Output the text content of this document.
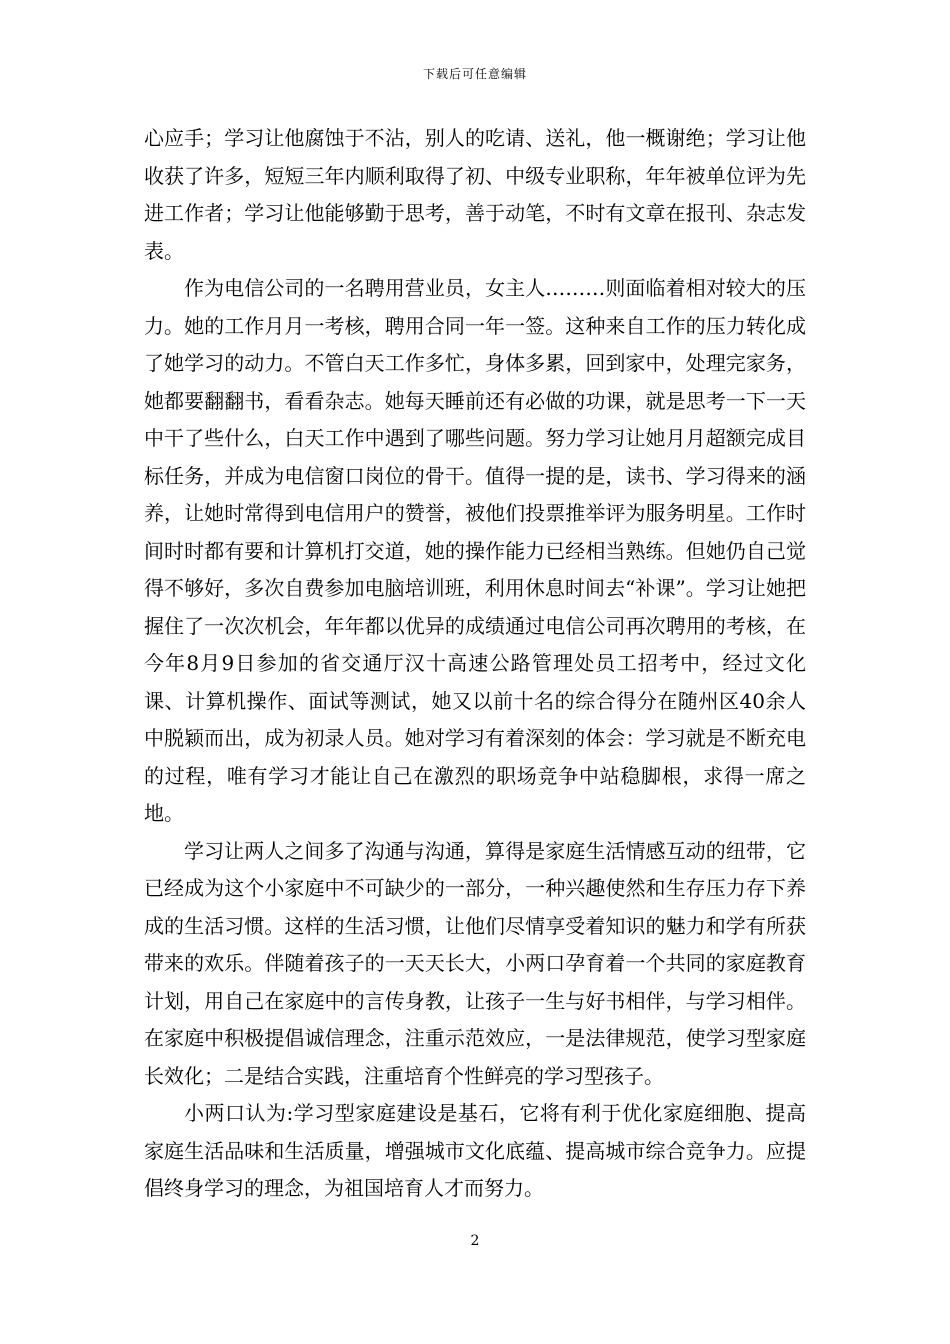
下载后可任意编辑

心应手；学习让他腐蚀于不沾，别人的吃请、送礼，他一概谢绝；学习让他收获了许多，短短三年内顺利取得了初、中级专业职称，年年被单位评为先进工作者；学习让他能够勤于思考，善于动笔，不时有文章在报刊、杂志发表。

作为电信公司的一名聘用营业员，女主人………则面临着相对较大的压力。她的工作月月一考核，聘用合同一年一签。这种来自工作的压力转化成了她学习的动力。不管白天工作多忙，身体多累，回到家中，处理完家务，她都要翻翻书，看看杂志。她每天睡前还有必做的功课，就是思考一下一天中干了些什么，白天工作中遇到了哪些问题。努力学习让她月月超额完成目标任务，并成为电信窗口岗位的骨干。值得一提的是，读书、学习得来的涵养，让她时常得到电信用户的赞誉，被他们投票推举评为服务明星。工作时间时时都有要和计算机打交道，她的操作能力已经相当熟练。但她仍自己觉得不够好，多次自费参加电脑培训班，利用休息时间去“补课”。学习让她把握住了一次次机会，年年都以优异的成绩通过电信公司再次聘用的考核，在今年8月9日参加的省交通厅汉十高速公路管理处员工招考中，经过文化课、计算机操作、面试等测试，她又以前十名的综合得分在随州区40余人中脱颖而出，成为初录人员。她对学习有着深刻的体会：学习就是不断充电的过程，唯有学习才能让自己在激烈的职场竞争中站稳脚根，求得一席之地。

学习让两人之间多了沟通与沟通，算得是家庭生活情感互动的纽带，它已经成为这个小家庭中不可缺少的一部分，一种兴趣使然和生存压力存下养成的生活习惯。这样的生活习惯，让他们尽情享受着知识的魅力和学有所获带来的欢乐。伴随着孩子的一天天长大，小两口孕育着一个共同的家庭教育计划，用自己在家庭中的言传身教，让孩子一生与好书相伴，与学习相伴。在家庭中积极提倡诚信理念，注重示范效应，一是法律规范，使学习型家庭长效化；二是结合实践，注重培育个性鲜亮的学习型孩子。

小两口认为:学习型家庭建设是基石，它将有利于优化家庭细胞、提高家庭生活品味和生活质量，增强城市文化底蕴、提高城市综合竞争力。应提倡终身学习的理念，为祖国培育人才而努力。

2
